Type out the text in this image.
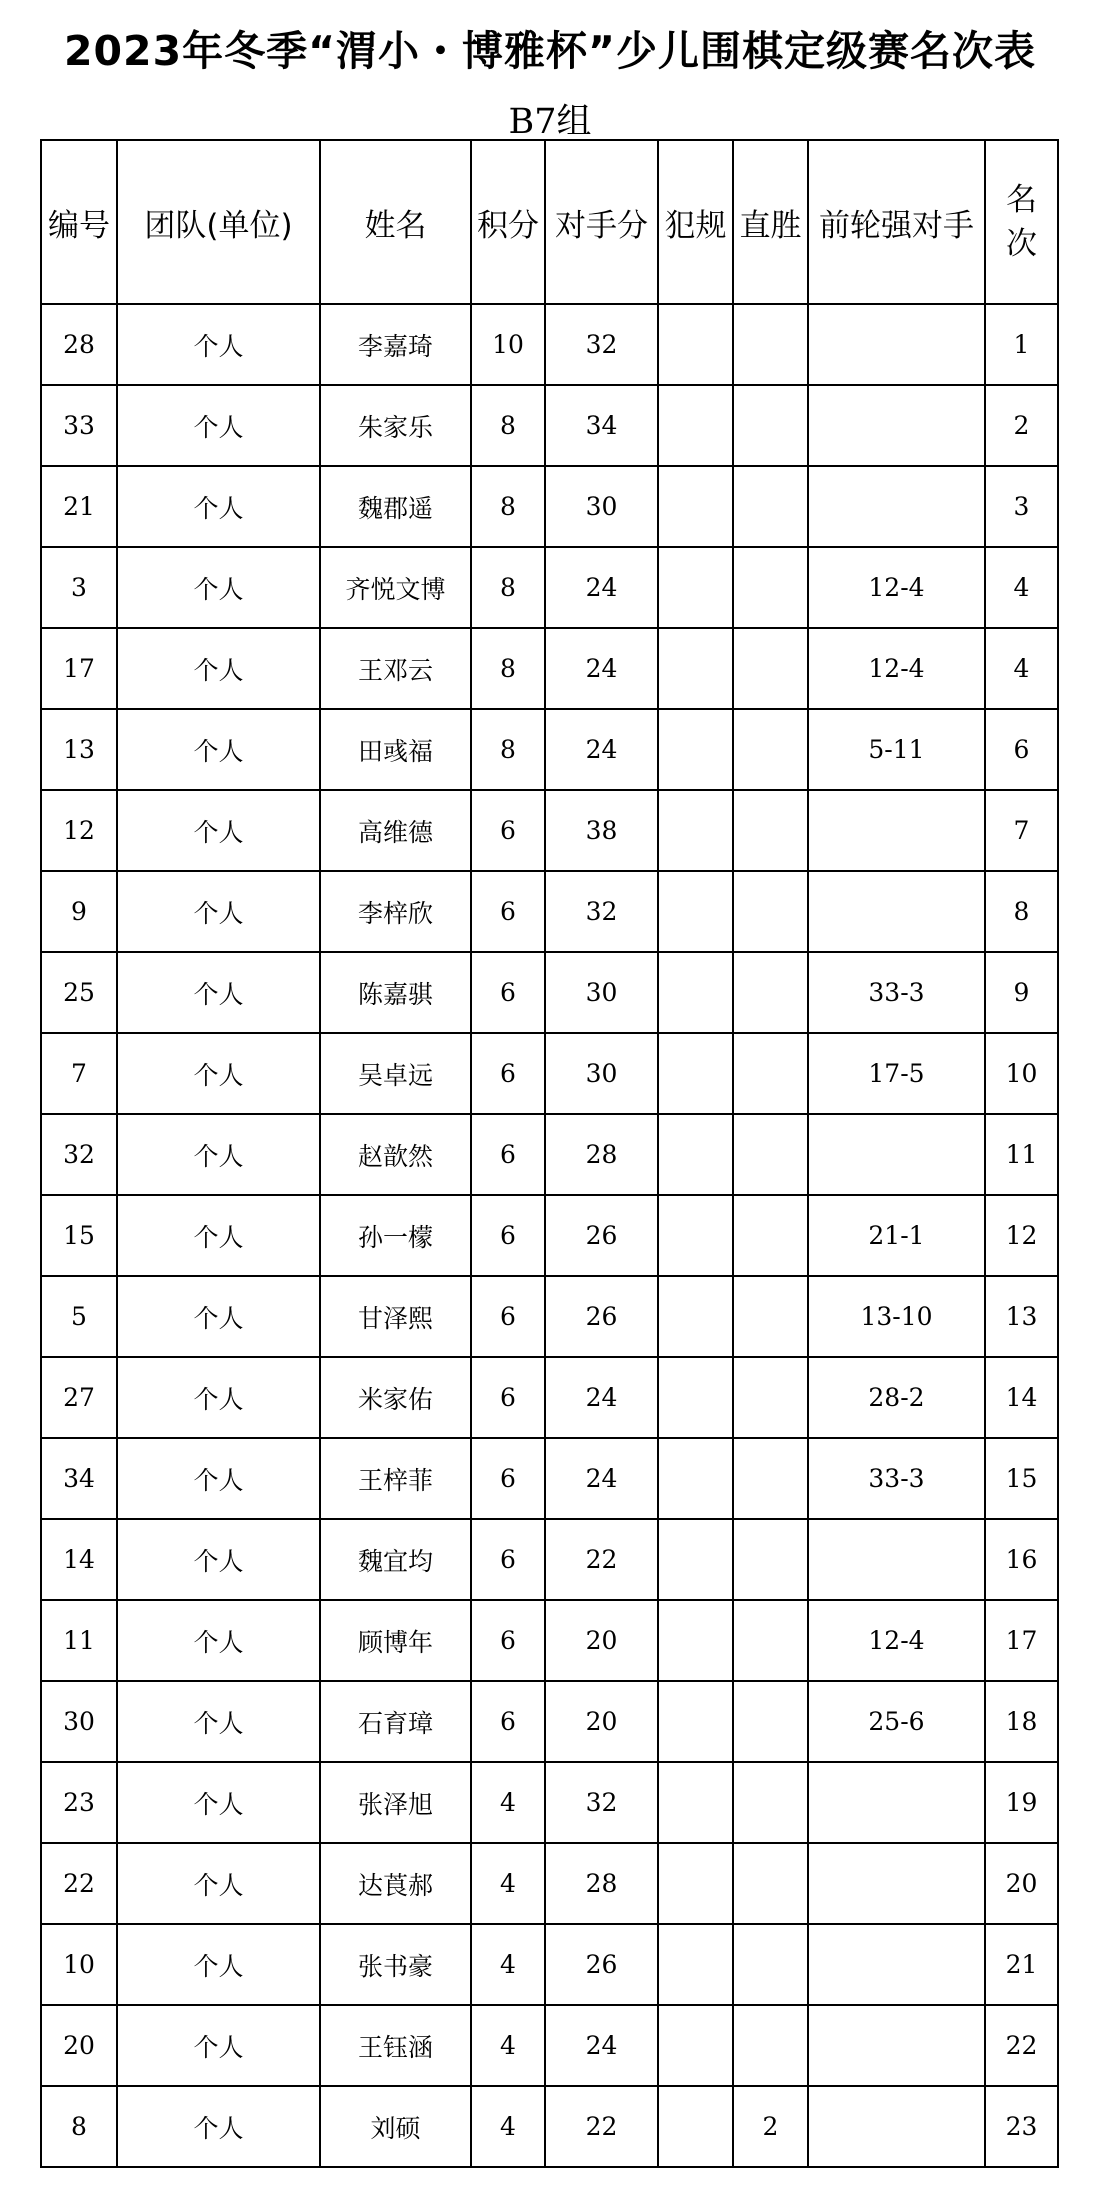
2023年冬季“渭小・博雅杯”少儿围棋定级赛名次表
B7组
编号	团队(单位)	姓名	积分	对手分	犯规	直胜	前轮强对手	名
次
28	个人	李嘉琦	10	32				1
33	个人	朱家乐	8	34				2
21	个人	魏郡遥	8	30				3
3	个人	齐悦文博	8	24			12-4	4
17	个人	王邓云	8	24			12-4	4
13	个人	田彧福	8	24			5-11	6
12	个人	高维德	6	38				7
9	个人	李梓欣	6	32				8
25	个人	陈嘉骐	6	30			33-3	9
7	个人	吴卓远	6	30			17-5	10
32	个人	赵歆然	6	28				11
15	个人	孙一檬	6	26			21-1	12
5	个人	甘泽熙	6	26			13-10	13
27	个人	米家佑	6	24			28-2	14
34	个人	王梓菲	6	24			33-3	15
14	个人	魏宜均	6	22				16
11	个人	顾博年	6	20			12-4	17
30	个人	石育璋	6	20			25-6	18
23	个人	张泽旭	4	32				19
22	个人	达莨郝	4	28				20
10	个人	张书豪	4	26				21
20	个人	王钰涵	4	24				22
8	个人	刘硕	4	22		2		23
